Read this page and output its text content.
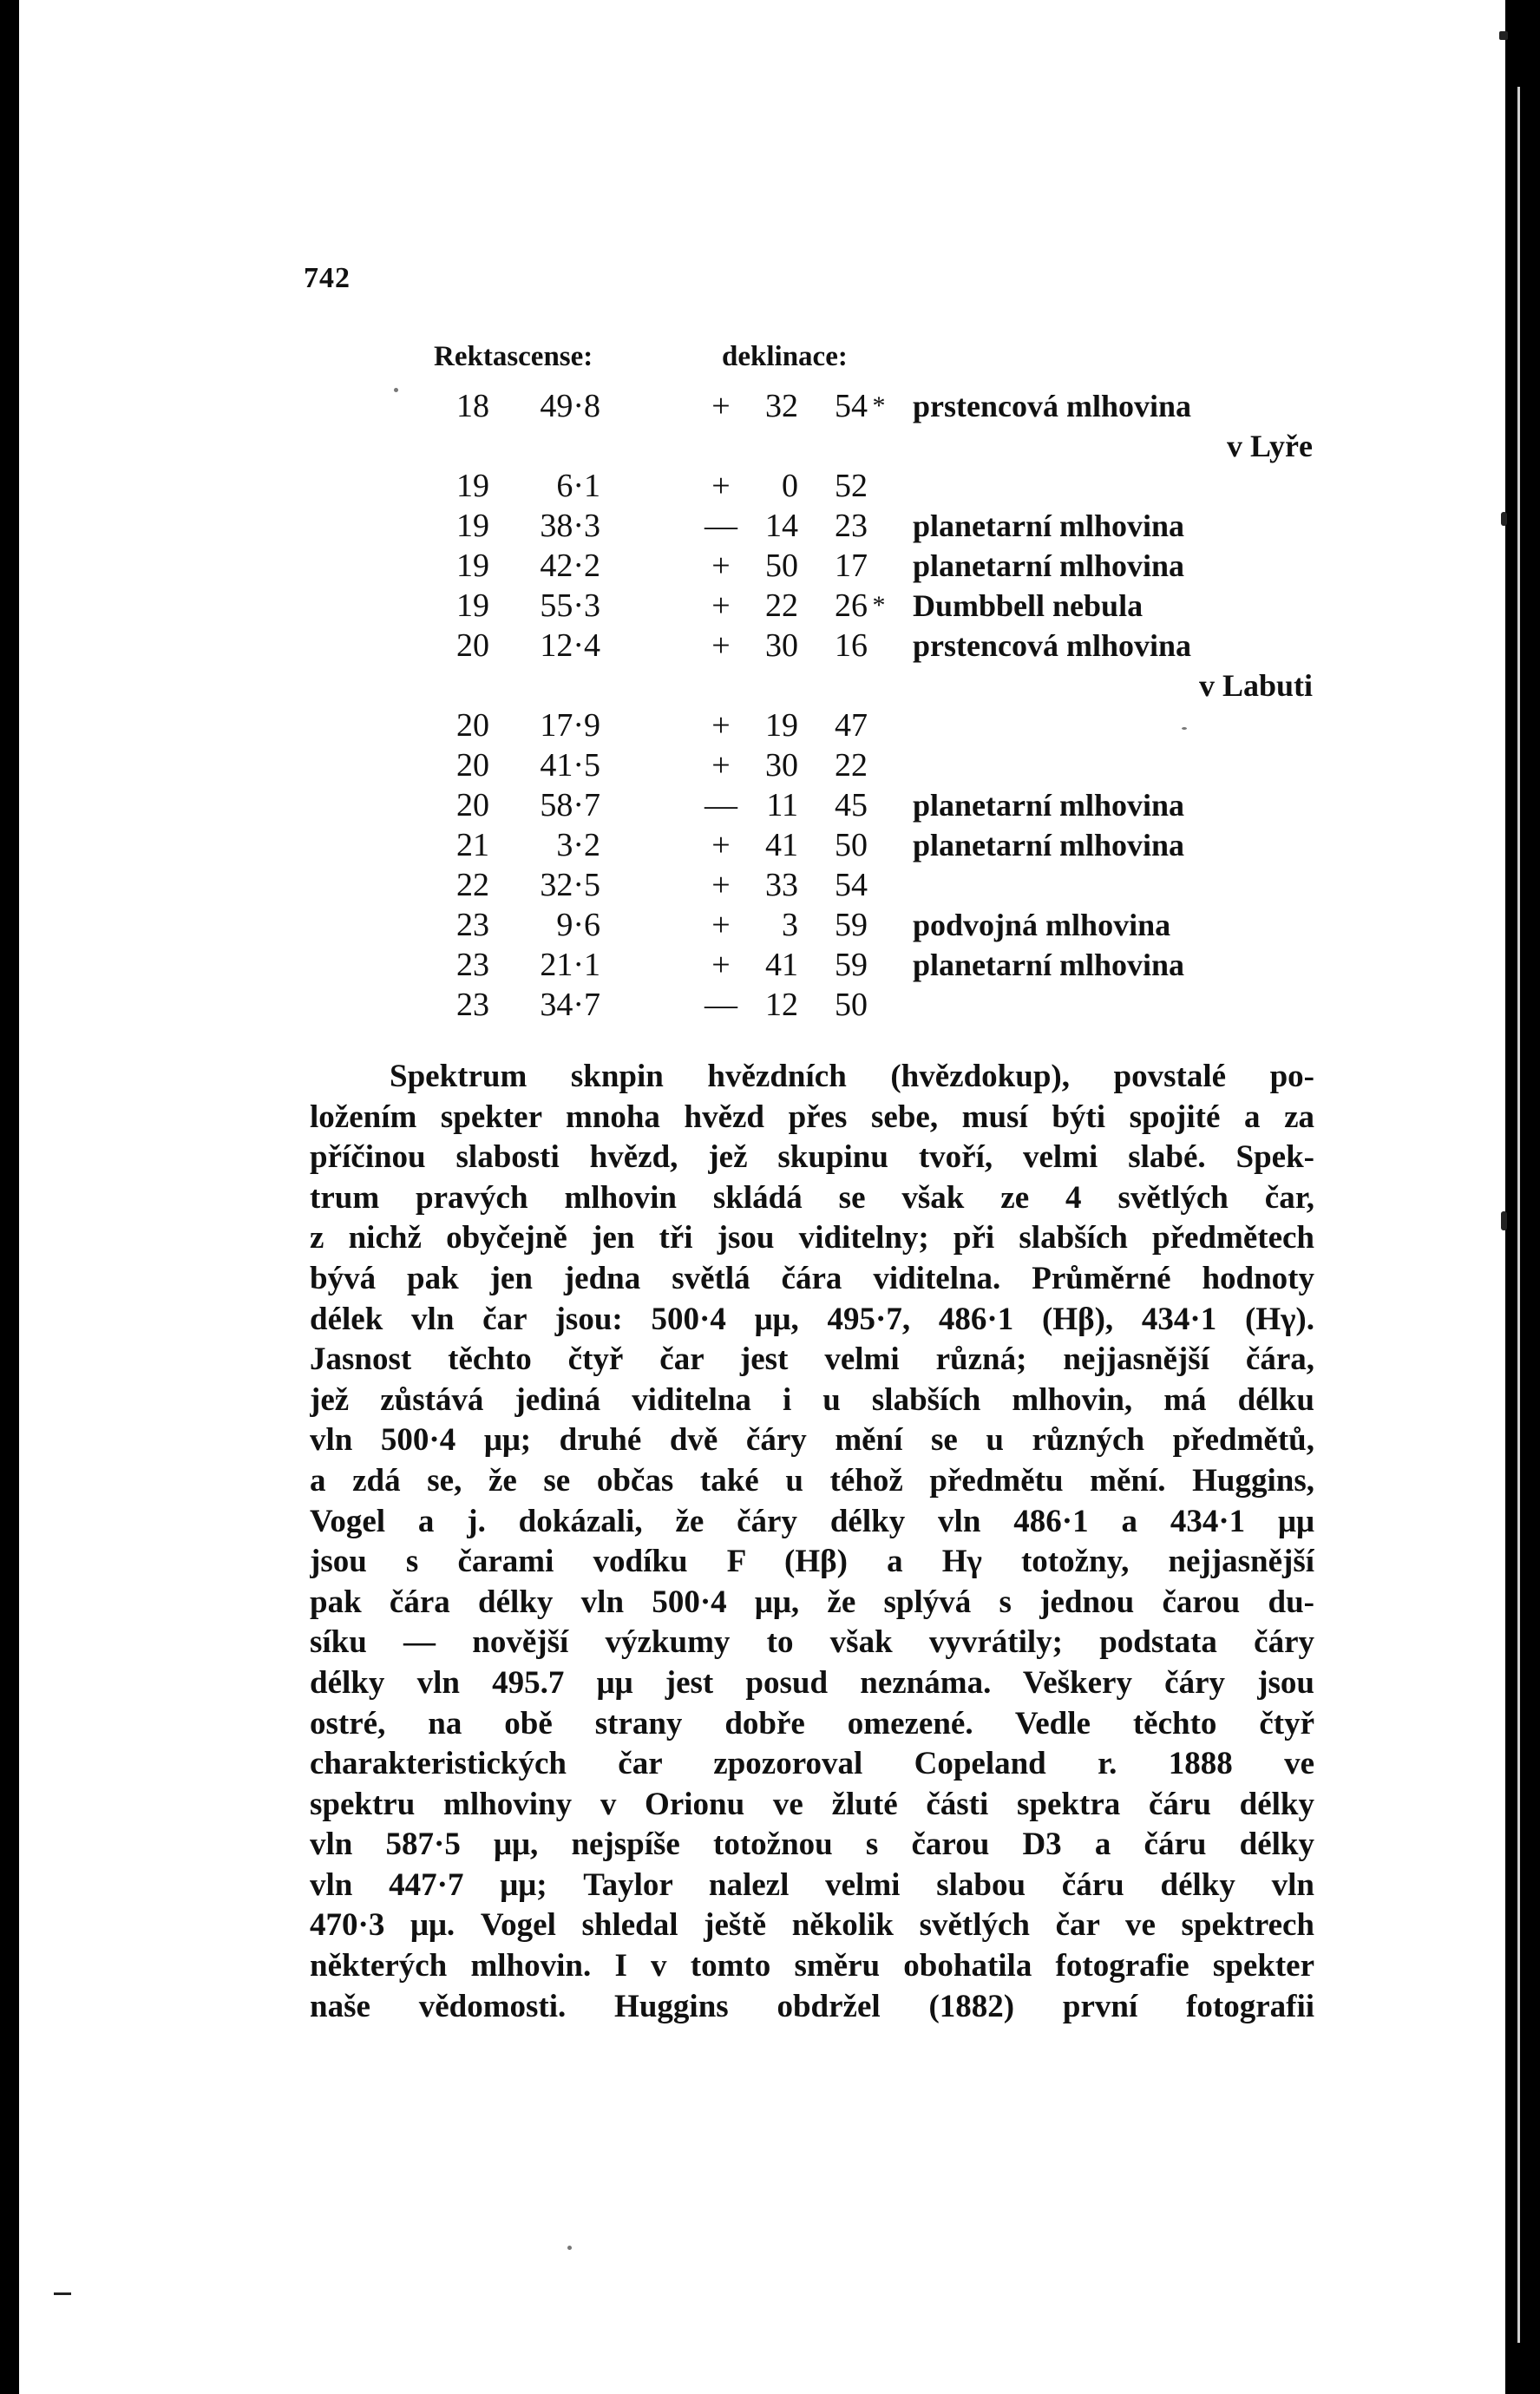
742
Rektascense:	deklinace:
18	49·8	+	32	54 * prstencová mlhovina
v Lyře
19	6·1	+	0	52
19	38·3	— 14	23 planetarní mlhovina
19	42·2	+	50	17 planetarní mlhovina
19	55·3	+	22	26 * Dumbbell nebula
20	12·4	+	30	16 prstencová mlhovina
v Labuti
20	17·9	+	19	47
20	41·5	+	30	22
20	58·7	— 11	45 planetarní mlhovina
21	3·2	+	41	50 planetarní mlhovina
22	32·5	+	33	54
23	9·6	+	3	59 podvojná mlhovina
23	21·1	+	41	59 planetarní mlhovina
23	34·7	— 12	50
Spektrum sknpin hvězdních (hvězdokup), povstalé po-
ložením spekter mnoha hvězd přes sebe, musí býti spojité a za
příčinou slabosti hvězd, jež skupinu tvoří, velmi slabé. Spek-
trum pravých mlhovin skládá se však ze 4 světlých čar,
z nichž obyčejně jen tři jsou viditelny; při slabších předmětech
bývá pak jen jedna světlá čára viditelna. Průměrné hodnoty
délek vln čar jsou: 500·4 μμ, 495·7, 486·1 (Hβ), 434·1 (Hγ).
Jasnost těchto čtyř čar jest velmi různá; nejjasnější čára,
jež zůstává jediná viditelna i u slabších mlhovin, má délku
vln 500·4 μμ; druhé dvě čáry mění se u různých předmětů,
a zdá se, že se občas také u téhož předmětu mění. Huggins,
Vogel a j. dokázali, že čáry délky vln 486·1 a 434·1 μμ
jsou s čarami vodíku F (Hβ) a Hγ totožny, nejjasnější
pak čára délky vln 500·4 μμ, že splývá s jednou čarou du-
síku — novější výzkumy to však vyvrátily; podstata čáry
délky vln 495.7 μμ jest posud neznáma. Veškery čáry jsou
ostré, na obě strany dobře omezené. Vedle těchto čtyř
charakteristických čar zpozoroval Copeland r. 1888 ve
spektru mlhoviny v Orionu ve žluté části spektra čáru délky
vln 587·5 μμ, nejspíše totožnou s čarou D3 a čáru délky
vln 447·7 μμ; Taylor nalezl velmi slabou čáru délky vln
470·3 μμ. Vogel shledal ještě několik světlých čar ve spektrech
některých mlhovin. I v tomto směru obohatila fotografie spekter
naše vědomosti. Huggins obdržel (1882) první fotografii
